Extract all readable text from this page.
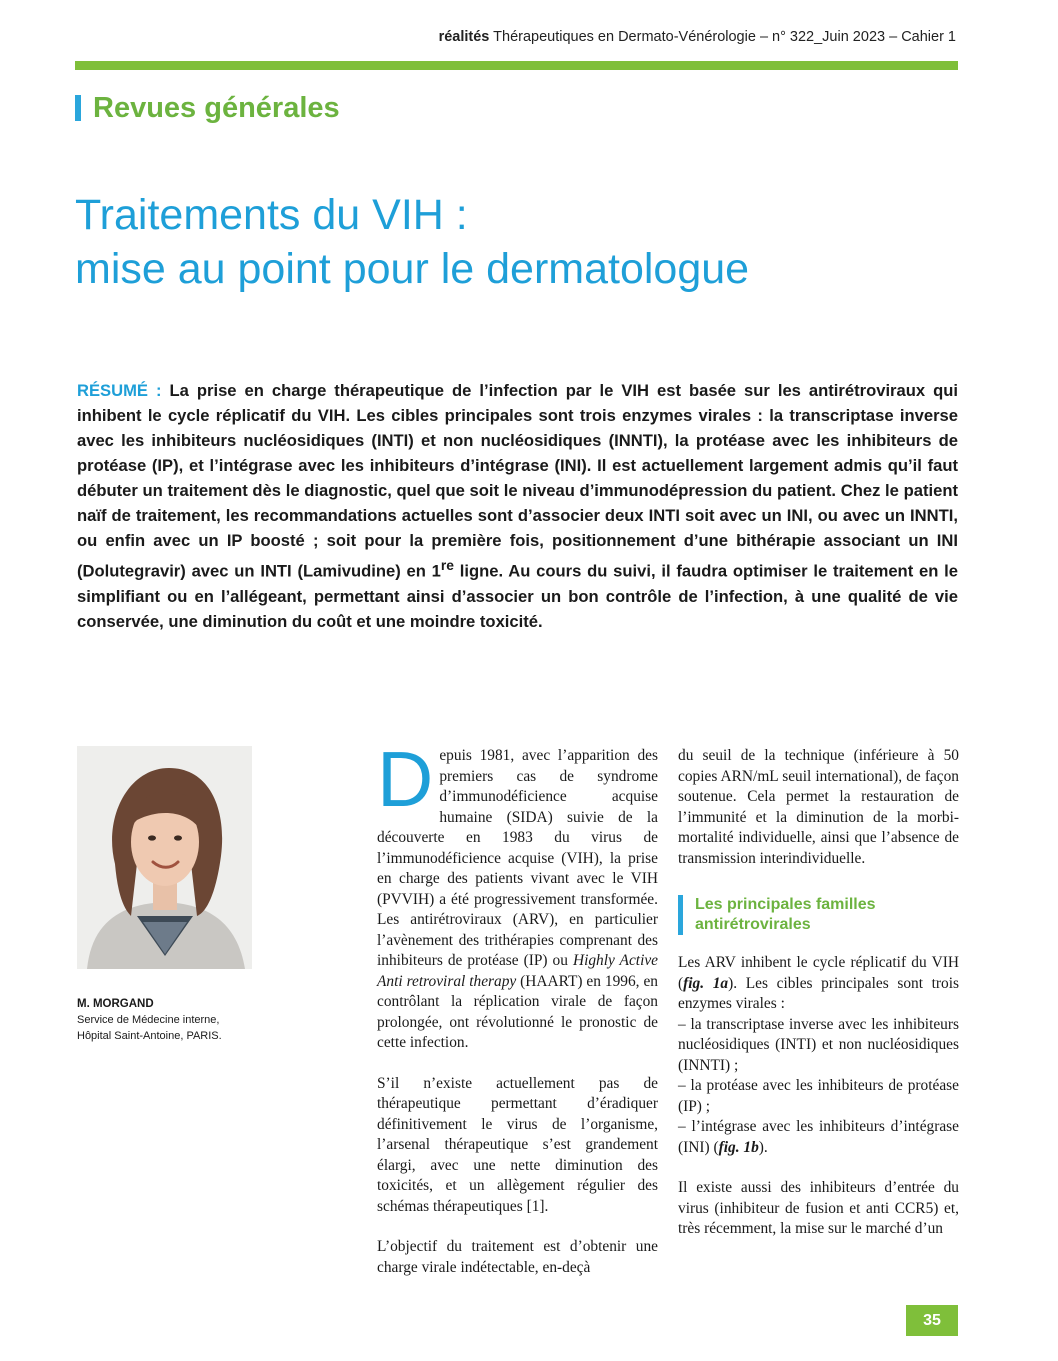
réalités Thérapeutiques en Dermato-Vénérologie – n° 322_Juin 2023 – Cahier 1
Revues générales
Traitements du VIH :
mise au point pour le dermatologue
RÉSUMÉ : La prise en charge thérapeutique de l’infection par le VIH est basée sur les antirétroviraux qui inhibent le cycle réplicatif du VIH. Les cibles principales sont trois enzymes virales : la transcriptase inverse avec les inhibiteurs nucléosidiques (INTI) et non nucléosidiques (INNTI), la protéase avec les inhibiteurs de protéase (IP), et l’intégrase avec les inhibiteurs d’intégrase (INI). Il est actuellement largement admis qu’il faut débuter un traitement dès le diagnostic, quel que soit le niveau d’immunodépression du patient. Chez le patient naïf de traitement, les recommandations actuelles sont d’associer deux INTI soit avec un INI, ou avec un INNTI, ou enfin avec un IP boosté ; soit pour la première fois, positionnement d’une bithérapie associant un INI (Dolutegravir) avec un INTI (Lamivudine) en 1re ligne. Au cours du suivi, il faudra optimiser le traitement en le simplifiant ou en l’allégeant, permettant ainsi d’associer un bon contrôle de l’infection, à une qualité de vie conservée, une diminution du coût et une moindre toxicité.
M. MORGAND
Service de Médecine interne,
Hôpital Saint-Antoine, PARIS.

Depuis 1981, avec l’apparition des premiers cas de syndrome d’immunodéficience acquise humaine (SIDA) suivie de la découverte en 1983 du virus de l’immunodéficience acquise (VIH), la prise en charge des patients vivant avec le VIH (PVVIH) a été progressivement transformée. Les antirétroviraux (ARV), en particulier l’avènement des trithérapies comprenant des inhibiteurs de protéase (IP) ou Highly Active Anti retroviral therapy (HAART) en 1996, en contrôlant la réplication virale de façon prolongée, ont révolutionné le pronostic de cette infection.

S’il n’existe actuellement pas de thérapeutique permettant d’éradiquer définitivement le virus de l’organisme, l’arsenal thérapeutique s’est grandement élargi, avec une nette diminution des toxicités, et un allègement régulier des schémas thérapeutiques [1].

L’objectif du traitement est d’obtenir une charge virale indétectable, en-deçà

du seuil de la technique (inférieure à 50 copies ARN/mL seuil international), de façon soutenue. Cela permet la restauration de l’immunité et la diminution de la morbi-mortalité individuelle, ainsi que l’absence de transmission interindividuelle.

Les principales familles
antirétrovirales

Les ARV inhibent le cycle réplicatif du VIH (fig. 1a). Les cibles principales sont trois enzymes virales :

– la transcriptase inverse avec les inhibiteurs nucléosidiques (INTI) et non nucléosidiques (INNTI) ;

– la protéase avec les inhibiteurs de protéase (IP) ;

– l’intégrase avec les inhibiteurs d’intégrase (INI) (fig. 1b).

Il existe aussi des inhibiteurs d’entrée du virus (inhibiteur de fusion et anti CCR5) et, très récemment, la mise sur le marché d’un

35
